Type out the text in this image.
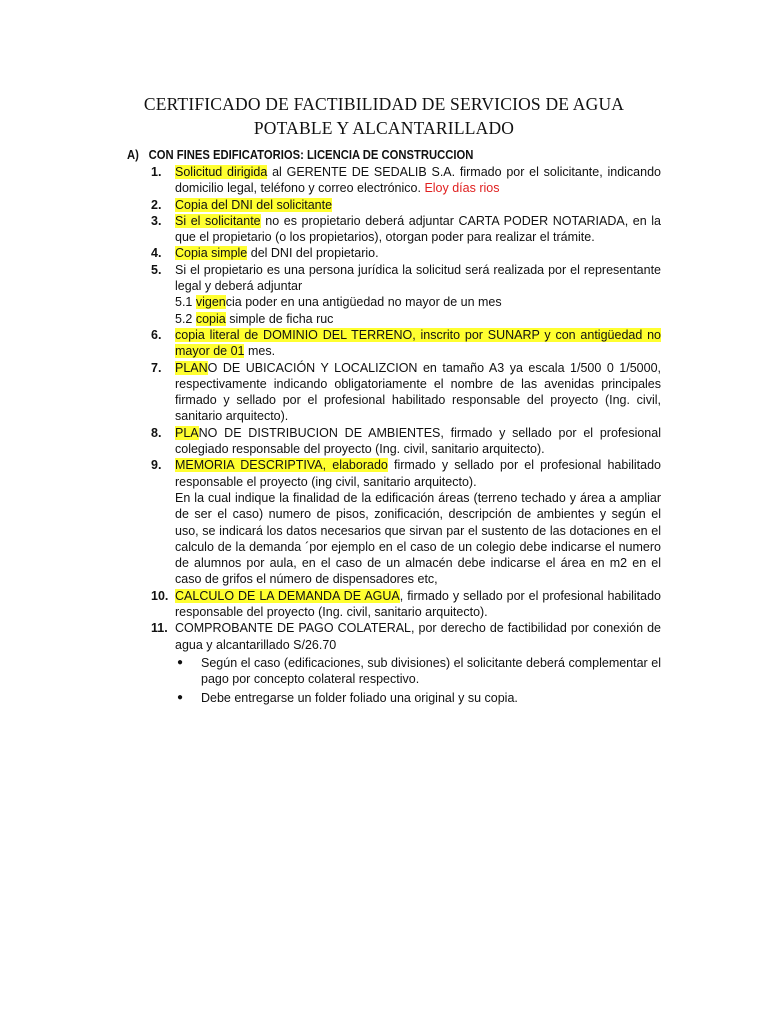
CERTIFICADO DE FACTIBILIDAD DE SERVICIOS DE AGUA
POTABLE Y ALCANTARILLADO
A) CON FINES EDIFICATORIOS: LICENCIA DE CONSTRUCCION
1.	Solicitud dirigida al GERENTE DE SEDALIB S.A. firmado por el solicitante, indicando domicilio legal, teléfono y correo electrónico. Eloy días rios
2.	Copia del DNI del solicitante
3.	Si el solicitante no es propietario deberá adjuntar CARTA PODER NOTARIADA, en la que el propietario (o los propietarios), otorgan poder para realizar el trámite.
4.	Copia simple del DNI del propietario.
5.	Si el propietario es una persona jurídica la solicitud será realizada por el representante legal y deberá adjuntar
5.1 vigencia poder en una antigüedad no mayor de un mes
5.2 copia simple de ficha ruc
6.	copia literal de DOMINIO DEL TERRENO, inscrito por SUNARP y con antigüedad no mayor de 01 mes.
7.	PLANO DE UBICACIÓN Y LOCALIZCION en tamaño A3 ya escala 1/500 0 1/5000, respectivamente indicando obligatoriamente el nombre de las avenidas principales firmado y sellado por el profesional habilitado responsable del proyecto (Ing. civil, sanitario arquitecto).
8.	PLANO DE DISTRIBUCION DE AMBIENTES, firmado y sellado por el profesional colegiado responsable del proyecto (Ing. civil, sanitario arquitecto).
9.	MEMORIA DESCRIPTIVA, elaborado firmado y sellado por el profesional habilitado responsable el proyecto (ing civil, sanitario arquitecto).
En la cual indique la finalidad de la edificación áreas (terreno techado y área a ampliar de ser el caso) numero de pisos, zonificación, descripción de ambientes y según el uso, se indicará los datos necesarios que sirvan par el sustento de las dotaciones en el calculo de la demanda ´por ejemplo en el caso de un colegio debe indicarse el numero de alumnos por aula, en el caso de un almacén debe indicarse el área en m2 en el caso de grifos el número de dispensadores etc,
10. CALCULO DE LA DEMANDA DE AGUA, firmado y sellado por el profesional habilitado responsable del proyecto (Ing. civil, sanitario arquitecto).
11. COMPROBANTE DE PAGO COLATERAL, por derecho de factibilidad por conexión de agua y alcantarillado S/26.70
●	Según el caso (edificaciones, sub divisiones) el solicitante deberá complementar el pago por concepto colateral respectivo.
●	Debe entregarse un folder foliado una original y su copia.
